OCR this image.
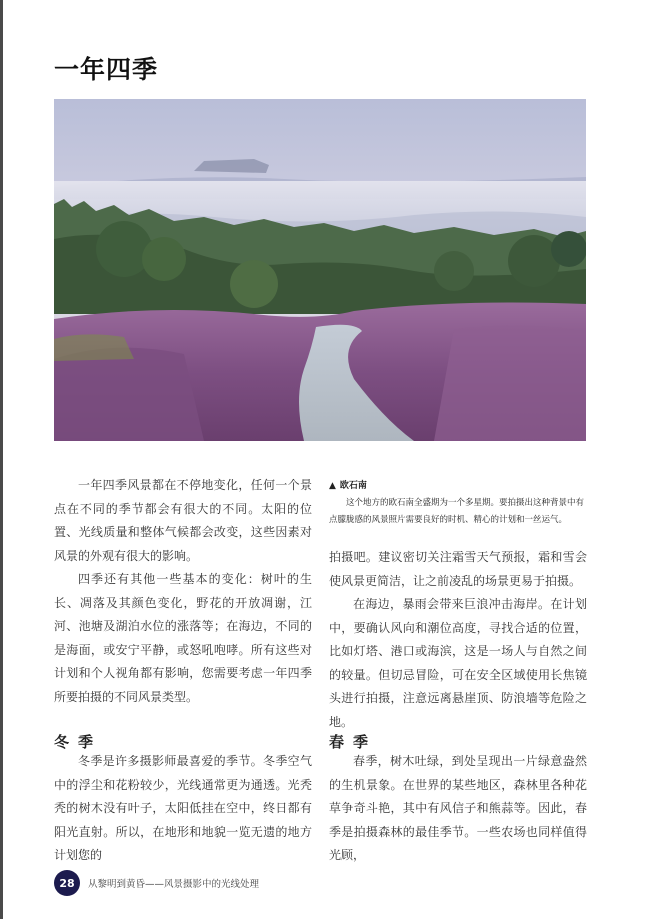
一年四季

一年四季风景都在不停地变化，任何一个景点在不同的季节都会有很大的不同。太阳的位置、光线质量和整体气候都会改变，这些因素对风景的外观有很大的影响。

四季还有其他一些基本的变化：树叶的生长、凋落及其颜色变化，野花的开放凋谢，江河、池塘及湖泊水位的涨落等；在海边，不同的是海面，或安宁平静，或怒吼咆哮。所有这些对计划和个人视角都有影响，您需要考虑一年四季所要拍摄的不同风景类型。

▲ 欧石南
这个地方的欧石南全盛期为一个多星期。要拍摄出这种背景中有点朦胧感的风景照片需要良好的时机、精心的计划和一丝运气。

拍摄吧。建议密切关注霜雪天气预报，霜和雪会使风景更简洁，让之前凌乱的场景更易于拍摄。

在海边，暴雨会带来巨浪冲击海岸。在计划中，要确认风向和潮位高度，寻找合适的位置，比如灯塔、港口或海滨，这是一场人与自然之间的较量。但切忌冒险，可在安全区域使用长焦镜头进行拍摄，注意远离悬崖顶、防浪墙等危险之地。

冬季	春季

冬季是许多摄影师最喜爱的季节。冬季空气中的浮尘和花粉较少，光线通常更为通透。光秃秃的树木没有叶子，太阳低挂在空中，终日都有阳光直射。所以，在地形和地貌一览无遗的地方计划您的

春季，树木吐绿，到处呈现出一片绿意盎然的生机景象。在世界的某些地区，森林里各种花草争奇斗艳，其中有风信子和熊蒜等。因此，春季是拍摄森林的最佳季节。一些农场也同样值得光顾，

28	从黎明到黄昏——风景摄影中的光线处理
